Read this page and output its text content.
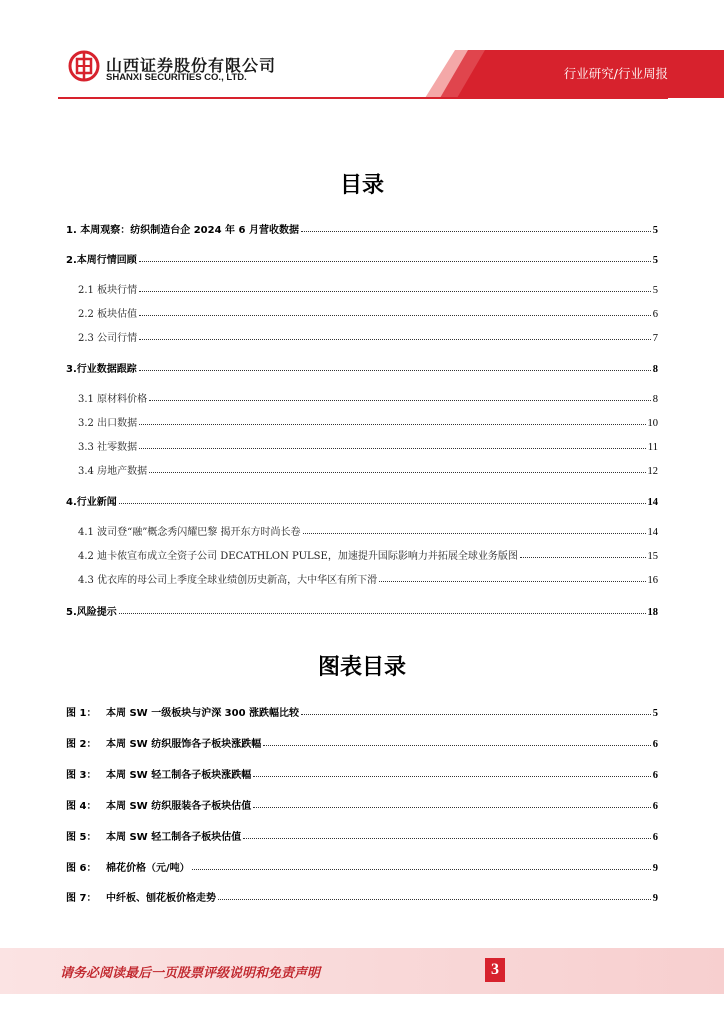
山西证券股份有限公司
SHANXI SECURITIES CO., LTD.	行业研究/行业周报
目录
1. 本周观察：纺织制造台企 2024 年 6 月营收数据	5
2.本周行情回顾	5
2.1 板块行情	5
2.2 板块估值	6
2.3 公司行情	7
3.行业数据跟踪	8
3.1 原材料价格	8
3.2 出口数据	10
3.3 社零数据	11
3.4 房地产数据	12
4.行业新闻	14
4.1 波司登“融”概念秀闪耀巴黎 揭开东方时尚长卷	14
4.2 迪卡侬宣布成立全资子公司 DECATHLON PULSE，加速提升国际影响力并拓展全球业务版图	15
4.3 优衣库的母公司上季度全球业绩创历史新高，大中华区有所下滑	16
5.风险提示	18
图表目录
图 1： 本周 SW 一级板块与沪深 300 涨跌幅比较	5
图 2： 本周 SW 纺织服饰各子板块涨跌幅	6
图 3： 本周 SW 轻工制各子板块涨跌幅	6
图 4： 本周 SW 纺织服装各子板块估值	6
图 5： 本周 SW 轻工制各子板块估值	6
图 6： 棉花价格（元/吨）	9
图 7： 中纤板、刨花板价格走势	9
请务必阅读最后一页股票评级说明和免责声明	3
